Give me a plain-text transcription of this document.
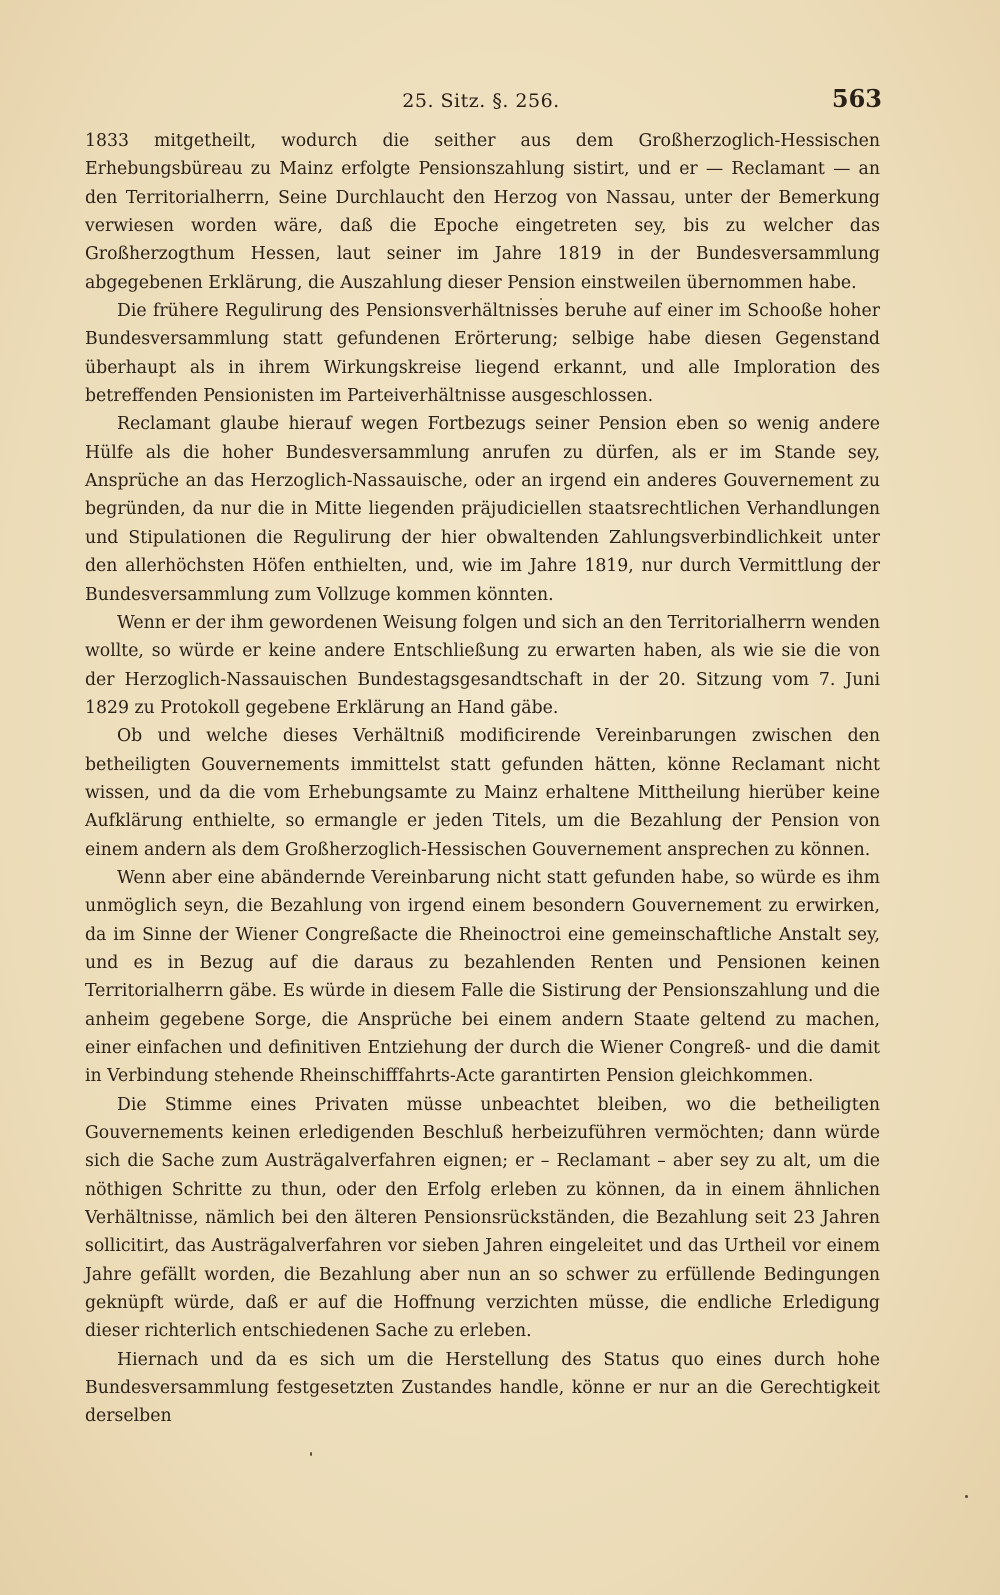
25. Sitz. §. 256.	563

1833 mitgetheilt, wodurch die seither aus dem Großherzoglich-Hessischen Erhebungsbüreau zu Mainz erfolgte Pensionszahlung sistirt, und er — Reclamant — an den Territorialherrn, Seine Durchlaucht den Herzog von Nassau, unter der Bemerkung verwiesen worden wäre, daß die Epoche eingetreten sey, bis zu welcher das Großherzogthum Hessen, laut seiner im Jahre 1819 in der Bundesversammlung abgegebenen Erklärung, die Auszahlung dieser Pension einstweilen übernommen habe.

Die frühere Regulirung des Pensionsverhältnisses beruhe auf einer im Schooße hoher Bundesversammlung statt gefundenen Erörterung; selbige habe diesen Gegenstand überhaupt als in ihrem Wirkungskreise liegend erkannt, und alle Imploration des betreffenden Pensionisten im Parteiverhältnisse ausgeschlossen.

Reclamant glaube hierauf wegen Fortbezugs seiner Pension eben so wenig andere Hülfe als die hoher Bundesversammlung anrufen zu dürfen, als er im Stande sey, Ansprüche an das Herzoglich-Nassauische, oder an irgend ein anderes Gouvernement zu begründen, da nur die in Mitte liegenden präjudiciellen staatsrechtlichen Verhandlungen und Stipulationen die Regulirung der hier obwaltenden Zahlungsverbindlichkeit unter den allerhöchsten Höfen enthielten, und, wie im Jahre 1819, nur durch Vermittlung der Bundesversammlung zum Vollzuge kommen könnten.

Wenn er der ihm gewordenen Weisung folgen und sich an den Territorialherrn wenden wollte, so würde er keine andere Entschließung zu erwarten haben, als wie sie die von der Herzoglich-Nassauischen Bundestagsgesandtschaft in der 20. Sitzung vom 7. Juni 1829 zu Protokoll gegebene Erklärung an Hand gäbe.

Ob und welche dieses Verhältniß modificirende Vereinbarungen zwischen den betheiligten Gouvernements immittelst statt gefunden hätten, könne Reclamant nicht wissen, und da die vom Erhebungsamte zu Mainz erhaltene Mittheilung hierüber keine Aufklärung enthielte, so ermangle er jeden Titels, um die Bezahlung der Pension von einem andern als dem Großherzoglich-Hessischen Gouvernement ansprechen zu können.

Wenn aber eine abändernde Vereinbarung nicht statt gefunden habe, so würde es ihm unmöglich seyn, die Bezahlung von irgend einem besondern Gouvernement zu erwirken, da im Sinne der Wiener Congreßacte die Rheinoctroi eine gemeinschaftliche Anstalt sey, und es in Bezug auf die daraus zu bezahlenden Renten und Pensionen keinen Territorialherrn gäbe. Es würde in diesem Falle die Sistirung der Pensionszahlung und die anheim gegebene Sorge, die Ansprüche bei einem andern Staate geltend zu machen, einer einfachen und definitiven Entziehung der durch die Wiener Congreß- und die damit in Verbindung stehende Rheinschifffahrts-Acte garantirten Pension gleichkommen.

Die Stimme eines Privaten müsse unbeachtet bleiben, wo die betheiligten Gouvernements keinen erledigenden Beschluß herbeizuführen vermöchten; dann würde sich die Sache zum Austrägalverfahren eignen; er – Reclamant – aber sey zu alt, um die nöthigen Schritte zu thun, oder den Erfolg erleben zu können, da in einem ähnlichen Verhältnisse, nämlich bei den älteren Pensionsrückständen, die Bezahlung seit 23 Jahren sollicitirt, das Austrägalverfahren vor sieben Jahren eingeleitet und das Urtheil vor einem Jahre gefällt worden, die Bezahlung aber nun an so schwer zu erfüllende Bedingungen geknüpft würde, daß er auf die Hoffnung verzichten müsse, die endliche Erledigung dieser richterlich entschiedenen Sache zu erleben.

Hiernach und da es sich um die Herstellung des Status quo eines durch hohe Bundesversammlung festgesetzten Zustandes handle, könne er nur an die Gerechtigkeit derselben
